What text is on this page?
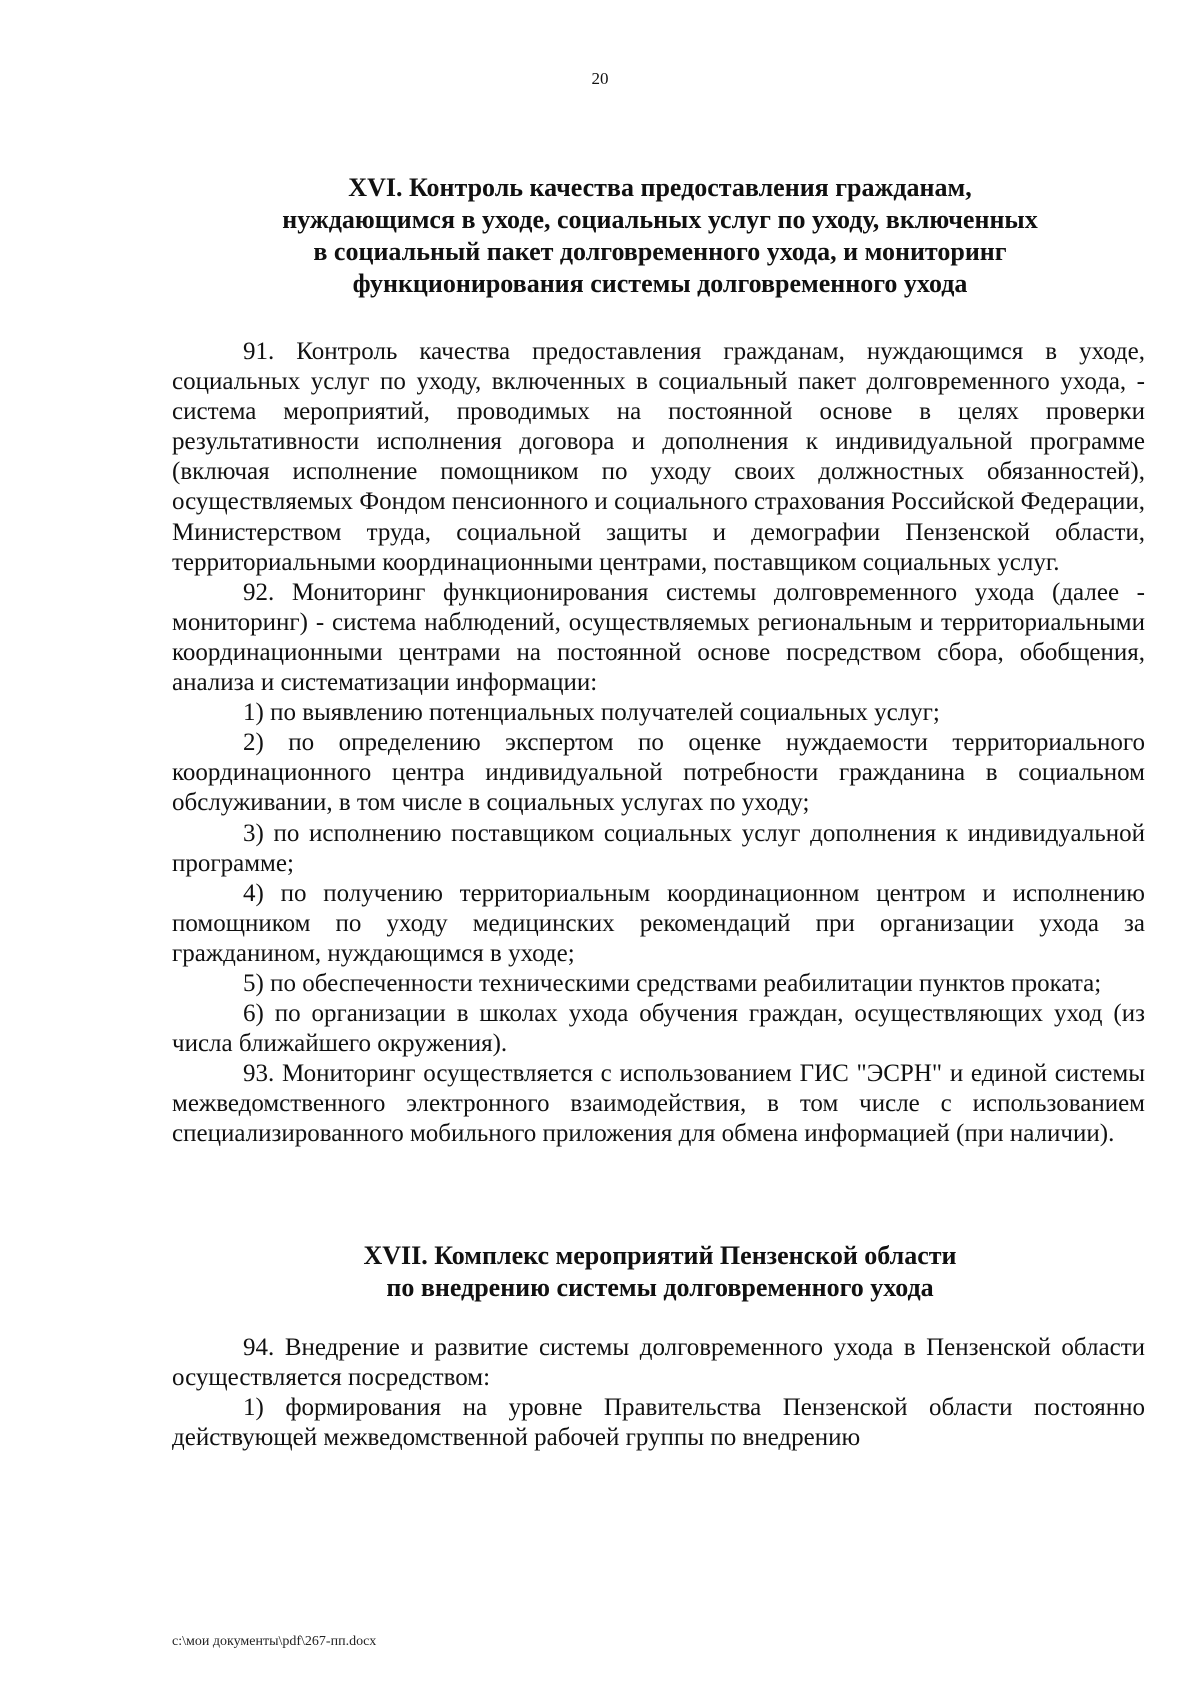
20
XVI. Контроль качества предоставления гражданам,
нуждающимся в уходе, социальных услуг по уходу, включенных
в социальный пакет долговременного ухода, и мониторинг
функционирования системы долговременного ухода

91. Контроль качества предоставления гражданам, нуждающимся в уходе, социальных услуг по уходу, включенных в социальный пакет долговременного ухода, - система мероприятий, проводимых на постоянной основе в целях проверки результативности исполнения договора и дополнения к индивидуальной программе (включая исполнение помощником по уходу своих должностных обязанностей), осуществляемых Фондом пенсионного и социального страхования Российской Федерации, Министерством труда, социальной защиты и демографии Пензенской области, территориальными координационными центрами, поставщиком социальных услуг.

92. Мониторинг функционирования системы долговременного ухода (далее - мониторинг) - система наблюдений, осуществляемых региональным и территориальными координационными центрами на постоянной основе посредством сбора, обобщения, анализа и систематизации информации:

1) по выявлению потенциальных получателей социальных услуг;

2) по определению экспертом по оценке нуждаемости территориального координационного центра индивидуальной потребности гражданина в социальном обслуживании, в том числе в социальных услугах по уходу;

3) по исполнению поставщиком социальных услуг дополнения к индивидуальной программе;

4) по получению территориальным координационном центром и исполнению помощником по уходу медицинских рекомендаций при организации ухода за гражданином, нуждающимся в уходе;

5) по обеспеченности техническими средствами реабилитации пунктов проката;

6) по организации в школах ухода обучения граждан, осуществляющих уход (из числа ближайшего окружения).

93. Мониторинг осуществляется с использованием ГИС "ЭСРН" и единой системы межведомственного электронного взаимодействия, в том числе с использованием специализированного мобильного приложения для обмена информацией (при наличии).

XVII. Комплекс мероприятий Пензенской области
по внедрению системы долговременного ухода

94. Внедрение и развитие системы долговременного ухода в Пензенской области осуществляется посредством:

1) формирования на уровне Правительства Пензенской области постоянно действующей межведомственной рабочей группы по внедрению

c:\мои документы\pdf\267-пп.docx
